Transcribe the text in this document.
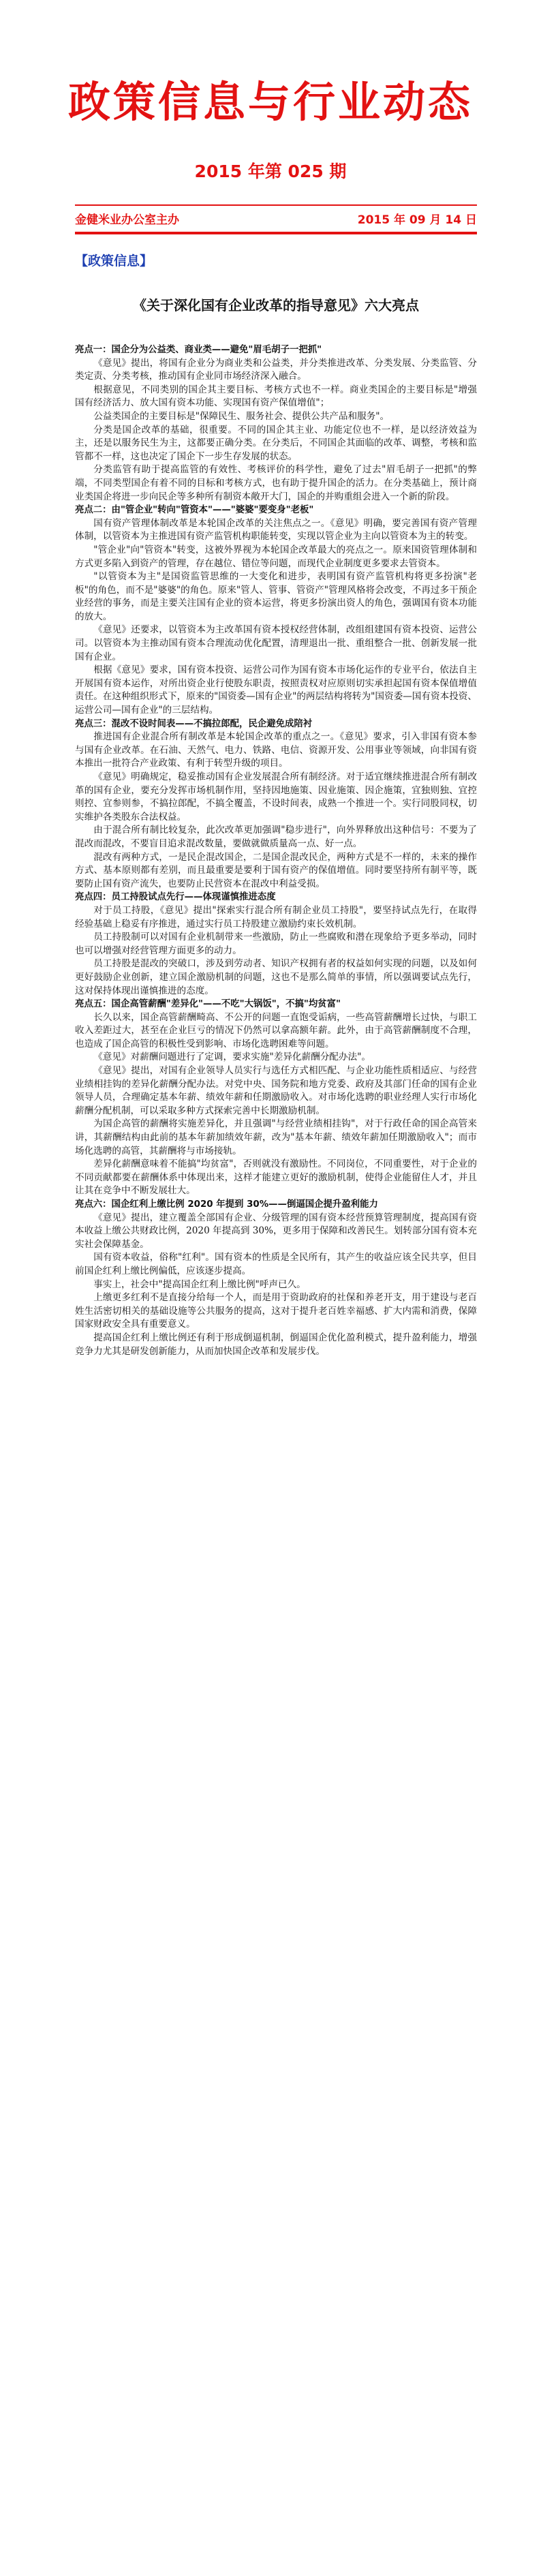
政策信息与行业动态
2015 年第 025 期
金健米业办公室主办	2015 年 09 月 14 日
【政策信息】
《关于深化国有企业改革的指导意见》六大亮点

亮点一：国企分为公益类、商业类——避免"眉毛胡子一把抓"

《意见》提出，将国有企业分为商业类和公益类，并分类推进改革、分类发展、分类监管、分类定责、分类考核，推动国有企业同市场经济深入融合。

根据意见，不同类别的国企其主要目标、考核方式也不一样。商业类国企的主要目标是"增强国有经济活力、放大国有资本功能、实现国有资产保值增值"；

公益类国企的主要目标是"保障民生、服务社会、提供公共产品和服务"。

分类是国企改革的基础，很重要。不同的国企其主业、功能定位也不一样，是以经济效益为主，还是以服务民生为主，这都要正确分类。在分类后，不同国企其面临的改革、调整，考核和监管都不一样，这也决定了国企下一步生存发展的状态。

分类监管有助于提高监管的有效性、考核评价的科学性，避免了过去"眉毛胡子一把抓"的弊端，不同类型国企有着不同的目标和考核方式，也有助于提升国企的活力。在分类基础上，预计商业类国企将进一步向民企等多种所有制资本敞开大门，国企的并购重组会进入一个新的阶段。

亮点二：由"管企业"转向"管资本"——"婆婆"要变身"老板"

国有资产管理体制改革是本轮国企改革的关注焦点之一。《意见》明确，要完善国有资产管理体制，以管资本为主推进国有资产监管机构职能转变，实现以管企业为主向以管资本为主的转变。

"管企业"向"管资本"转变，这被外界视为本轮国企改革最大的亮点之一。原来国资管理体制和方式更多陷入到资产的管理，存在越位、错位等问题，而现代企业制度更多要求去管资本。

"以管资本为主"是国资监管思维的一大变化和进步，表明国有资产监管机构将更多扮演"老板"的角色，而不是"婆婆"的角色。原来"管人、管事、管资产"管理风格将会改变，不再过多干预企业经营的事务，而是主要关注国有企业的资本运营，将更多扮演出资人的角色，强调国有资本功能的放大。

《意见》还要求，以管资本为主改革国有资本授权经营体制，改组组建国有资本投资、运营公司。以管资本为主推动国有资本合理流动优化配置，清理退出一批、重组整合一批、创新发展一批国有企业。

根据《意见》要求，国有资本投资、运营公司作为国有资本市场化运作的专业平台，依法自主开展国有资本运作，对所出资企业行使股东职责，按照责权对应原则切实承担起国有资本保值增值责任。在这种组织形式下，原来的"国资委—国有企业"的两层结构将转为"国资委—国有资本投资、运营公司—国有企业"的三层结构。

亮点三：混改不设时间表——不搞拉郎配，民企避免成陪衬

推进国有企业混合所有制改革是本轮国企改革的重点之一。《意见》要求，引入非国有资本参与国有企业改革。在石油、天然气、电力、铁路、电信、资源开发、公用事业等领域，向非国有资本推出一批符合产业政策、有利于转型升级的项目。

《意见》明确规定，稳妥推动国有企业发展混合所有制经济。对于适宜继续推进混合所有制改革的国有企业，要充分发挥市场机制作用，坚持因地施策、因业施策、因企施策，宜独则独、宜控则控、宜参则参，不搞拉郎配，不搞全覆盖，不设时间表，成熟一个推进一个。实行同股同权，切实维护各类股东合法权益。

由于混合所有制比较复杂，此次改革更加强调"稳步进行"，向外界释放出这种信号：不要为了混改而混改，不要盲目追求混改数量，要做就做质量高一点、好一点。

混改有两种方式，一是民企混改国企，二是国企混改民企，两种方式是不一样的，未来的操作方式、基本原则都有差别，而且最重要是要利于国有资产的保值增值。同时要坚持所有制平等，既要防止国有资产流失，也要防止民营资本在混改中利益受损。

亮点四：员工持股试点先行——体现谨慎推进态度

对于员工持股，《意见》提出"探索实行混合所有制企业员工持股"，要坚持试点先行，在取得经验基础上稳妥有序推进，通过实行员工持股建立激励约束长效机制。

员工持股制可以对国有企业机制带来一些激励，防止一些腐败和潜在现象给予更多举动，同时也可以增强对经营管理方面更多的动力。

员工持股是混改的突破口，涉及到劳动者、知识产权拥有者的权益如何实现的问题，以及如何更好鼓励企业创新，建立国企激励机制的问题，这也不是那么简单的事情，所以强调要试点先行，这对保持体现出谨慎推进的态度。

亮点五：国企高管薪酬"差异化"——不吃"大锅饭"，不搞"均贫富"

长久以来，国企高管薪酬畸高、不公开的问题一直饱受诟病，一些高管薪酬增长过快，与职工收入差距过大，甚至在企业巨亏的情况下仍然可以拿高额年薪。此外，由于高管薪酬制度不合理，也造成了国企高管的积极性受到影响、市场化选聘困难等问题。

《意见》对薪酬问题进行了定调，要求实施"差异化薪酬分配办法"。

《意见》提出，对国有企业领导人员实行与选任方式相匹配、与企业功能性质相适应、与经营业绩相挂钩的差异化薪酬分配办法。对党中央、国务院和地方党委、政府及其部门任命的国有企业领导人员，合理确定基本年薪、绩效年薪和任期激励收入。对市场化选聘的职业经理人实行市场化薪酬分配机制，可以采取多种方式探索完善中长期激励机制。

为国企高管的薪酬将实施差异化，并且强调"与经营业绩相挂钩"，对于行政任命的国企高管来讲，其薪酬结构由此前的基本年薪加绩效年薪，改为"基本年薪、绩效年薪加任期激励收入"；而市场化选聘的高管，其薪酬将与市场接轨。

差异化薪酬意味着不能搞"均贫富"，否则就没有激励性。不同岗位，不同重要性，对于企业的不同贡献都要在薪酬体系中体现出来，这样才能建立更好的激励机制，使得企业能留住人才，并且让其在竞争中不断发展壮大。

亮点六：国企红利上缴比例 2020 年提到 30%——倒逼国企提升盈利能力

《意见》提出，建立覆盖全部国有企业、分级管理的国有资本经营预算管理制度，提高国有资本收益上缴公共财政比例，2020 年提高到 30%，更多用于保障和改善民生。划转部分国有资本充实社会保障基金。

国有资本收益，俗称"红利"。国有资本的性质是全民所有，其产生的收益应该全民共享，但目前国企红利上缴比例偏低，应该逐步提高。

事实上，社会中"提高国企红利上缴比例"呼声已久。

上缴更多红利不是直接分给每一个人，而是用于资助政府的社保和养老开支，用于建设与老百姓生活密切相关的基础设施等公共服务的提高，这对于提升老百姓幸福感、扩大内需和消费，保障国家财政安全具有重要意义。

提高国企红利上缴比例还有利于形成倒逼机制，倒逼国企优化盈利模式，提升盈利能力，增强竞争力尤其是研发创新能力，从而加快国企改革和发展步伐。
